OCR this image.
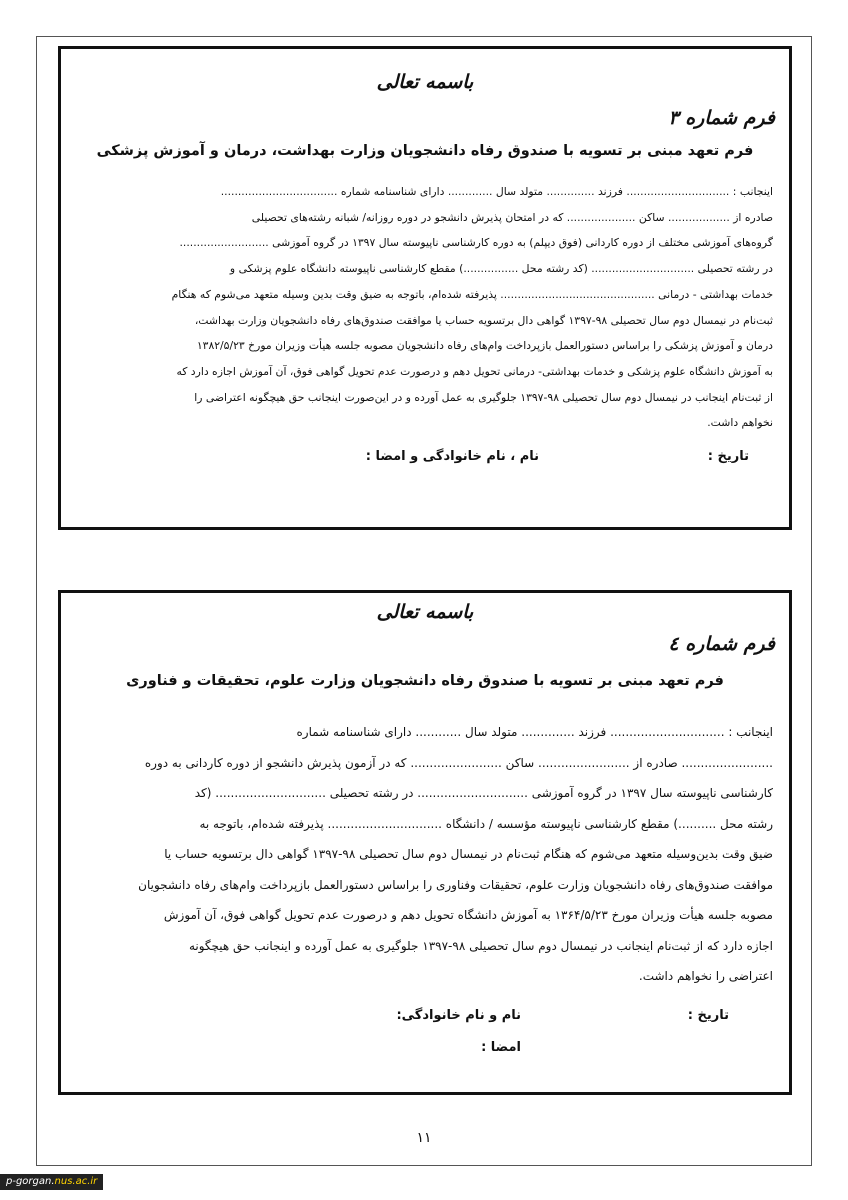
باسمه تعالی
فرم شماره ۳
فرم تعهد مبنی بر تسویه با صندوق رفاه دانشجویان وزارت بهداشت، درمان و آموزش پزشکی
اینجانب : .............................. فرزند .............. متولد سال ............. دارای شناسنامه شماره ..................................
صادره از .................. ساکن .................... که در امتحان پذیرش دانشجو در دوره روزانه/ شبانه رشته‌های تحصیلی
گروه‌های آموزشی مختلف از دوره کاردانی (فوق دیپلم) به دوره کارشناسی ناپیوسته سال ۱۳۹۷ در گروه آموزشی ..........................
در رشته تحصیلی .............................. (کد رشته محل ................) مقطع کارشناسی ناپیوسته دانشگاه علوم پزشکی و
خدمات بهداشتی - درمانی ............................................. پذیرفته شده‌ام، باتوجه به ضیق وقت بدین وسیله متعهد می‌شوم که هنگام
ثبت‌نام در نیمسال دوم سال تحصیلی ۹۸-۱۳۹۷ گواهی دال برتسویه حساب یا موافقت صندوق‌های رفاه دانشجویان وزارت بهداشت،
درمان و آموزش پزشکی را براساس دستورالعمل بازپرداخت وام‌های رفاه دانشجویان مصوبه جلسه هیأت وزیران مورخ ۱۳۸۲/۵/۲۳
به آموزش دانشگاه علوم پزشکی و خدمات بهداشتی- درمانی تحویل دهم و درصورت عدم تحویل گواهی فوق، آن آموزش اجازه دارد که
از ثبت‌نام اینجانب در نیمسال دوم سال تحصیلی ۹۸-۱۳۹۷ جلوگیری به عمل آورده و در این‌صورت اینجانب حق هیچگونه اعتراضی را
نخواهم داشت.
تاریخ :
نام ، نام خانوادگی و امضا :
باسمه تعالی
فرم شماره ٤
فرم تعهد مبنی بر تسویه با صندوق رفاه دانشجویان وزارت علوم، تحقیقات و فناوری
اینجانب : .............................. فرزند .............. متولد سال ............ دارای شناسنامه شماره
........................ صادره از ........................ ساکن ........................ که در آزمون پذیرش دانشجو از دوره کاردانی به دوره
کارشناسی ناپیوسته سال ۱۳۹۷ در گروه آموزشی ............................. در رشته تحصیلی ............................. (کد
رشته محل ..........) مقطع کارشناسی ناپیوسته مؤسسه / دانشگاه .............................. پذیرفته شده‌ام، باتوجه به
ضیق وقت بدین‌وسیله متعهد می‌شوم که هنگام ثبت‌نام در نیمسال دوم سال تحصیلی ۹۸-۱۳۹۷ گواهی دال برتسویه حساب یا
موافقت صندوق‌های رفاه دانشجویان وزارت علوم، تحقیقات وفناوری را براساس دستورالعمل بازپرداخت وام‌های رفاه دانشجویان
مصوبه جلسه هیأت وزیران مورخ ۱۳۶۴/۵/۲۳ به آموزش دانشگاه تحویل دهم و درصورت عدم تحویل گواهی فوق، آن آموزش
اجازه دارد که از ثبت‌نام اینجانب در نیمسال دوم سال تحصیلی ۹۸-۱۳۹۷ جلوگیری به عمل آورده و اینجانب حق هیچگونه
اعتراضی را نخواهم داشت.
تاریخ :
نام و نام خانوادگی:
امضا :
۱۱
p-gorgan.nus.ac.ir
